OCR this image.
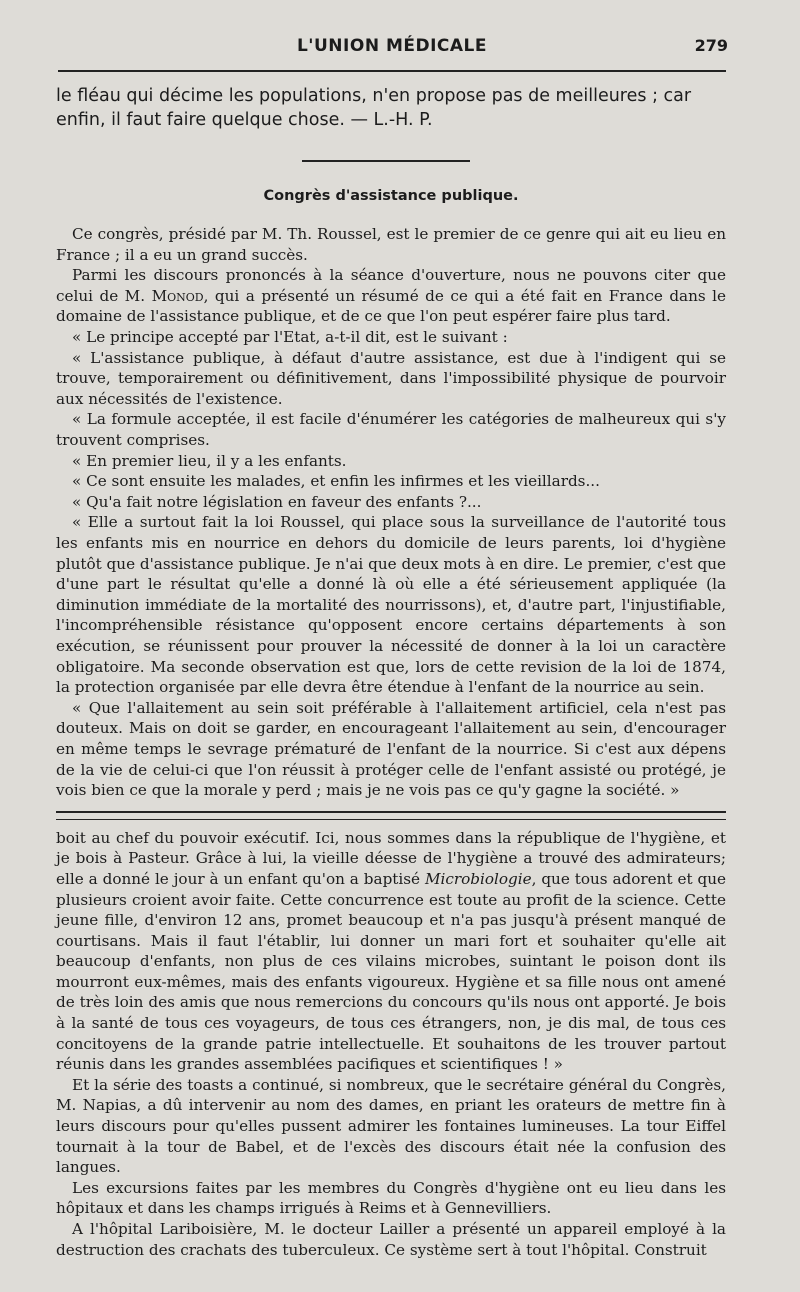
L'UNION MÉDICALE	279

le fléau qui décime les populations, n'en propose pas de meilleures ; car enfin, il faut faire quelque chose. — L.-H. P.

Congrès d'assistance publique.

Ce congrès, présidé par M. Th. Roussel, est le premier de ce genre qui ait eu lieu en France ; il a eu un grand succès.

Parmi les discours prononcés à la séance d'ouverture, nous ne pouvons citer que celui de M. Monod, qui a présenté un résumé de ce qui a été fait en France dans le domaine de l'assistance publique, et de ce que l'on peut espérer faire plus tard.

« Le principe accepté par l'Etat, a-t-il dit, est le suivant :

« L'assistance publique, à défaut d'autre assistance, est due à l'indigent qui se trouve, temporairement ou définitivement, dans l'impossibilité physique de pourvoir aux nécessités de l'existence.

« La formule acceptée, il est facile d'énumérer les catégories de malheureux qui s'y trouvent comprises.

« En premier lieu, il y a les enfants.

« Ce sont ensuite les malades, et enfin les infirmes et les vieillards...

« Qu'a fait notre législation en faveur des enfants ?...

« Elle a surtout fait la loi Roussel, qui place sous la surveillance de l'autorité tous les enfants mis en nourrice en dehors du domicile de leurs parents, loi d'hygiène plutôt que d'assistance publique. Je n'ai que deux mots à en dire. Le premier, c'est que d'une part le résultat qu'elle a donné là où elle a été sérieusement appliquée (la diminution immédiate de la mortalité des nourrissons), et, d'autre part, l'injustifiable, l'incompréhensible résistance qu'opposent encore certains départements à son exécution, se réunissent pour prouver la nécessité de donner à la loi un caractère obligatoire. Ma seconde observation est que, lors de cette revision de la loi de 1874, la protection organisée par elle devra être étendue à l'enfant de la nourrice au sein.

« Que l'allaitement au sein soit préférable à l'allaitement artificiel, cela n'est pas douteux. Mais on doit se garder, en encourageant l'allaitement au sein, d'encourager en même temps le sevrage prématuré de l'enfant de la nourrice. Si c'est aux dépens de la vie de celui-ci que l'on réussit à protéger celle de l'enfant assisté ou protégé, je vois bien ce que la morale y perd ; mais je ne vois pas ce qu'y gagne la société. »

boit au chef du pouvoir exécutif. Ici, nous sommes dans la république de l'hygiène, et je bois à Pasteur. Grâce à lui, la vieille déesse de l'hygiène a trouvé des admirateurs; elle a donné le jour à un enfant qu'on a baptisé Microbiologie, que tous adorent et que plusieurs croient avoir faite. Cette concurrence est toute au profit de la science. Cette jeune fille, d'environ 12 ans, promet beaucoup et n'a pas jusqu'à présent manqué de courtisans. Mais il faut l'établir, lui donner un mari fort et souhaiter qu'elle ait beaucoup d'enfants, non plus de ces vilains microbes, suintant le poison dont ils mourront eux-mêmes, mais des enfants vigoureux. Hygiène et sa fille nous ont amené de très loin des amis que nous remercions du concours qu'ils nous ont apporté. Je bois à la santé de tous ces voyageurs, de tous ces étrangers, non, je dis mal, de tous ces concitoyens de la grande patrie intellectuelle. Et souhaitons de les trouver partout réunis dans les grandes assemblées pacifiques et scientifiques ! »

Et la série des toasts a continué, si nombreux, que le secrétaire général du Congrès, M. Napias, a dû intervenir au nom des dames, en priant les orateurs de mettre fin à leurs discours pour qu'elles pussent admirer les fontaines lumineuses. La tour Eiffel tournait à la tour de Babel, et de l'excès des discours était née la confusion des langues.

Les excursions faites par les membres du Congrès d'hygiène ont eu lieu dans les hôpitaux et dans les champs irrigués à Reims et à Gennevilliers.

A l'hôpital Lariboisière, M. le docteur Lailler a présenté un appareil employé à la destruction des crachats des tuberculeux. Ce système sert à tout l'hôpital. Construit
